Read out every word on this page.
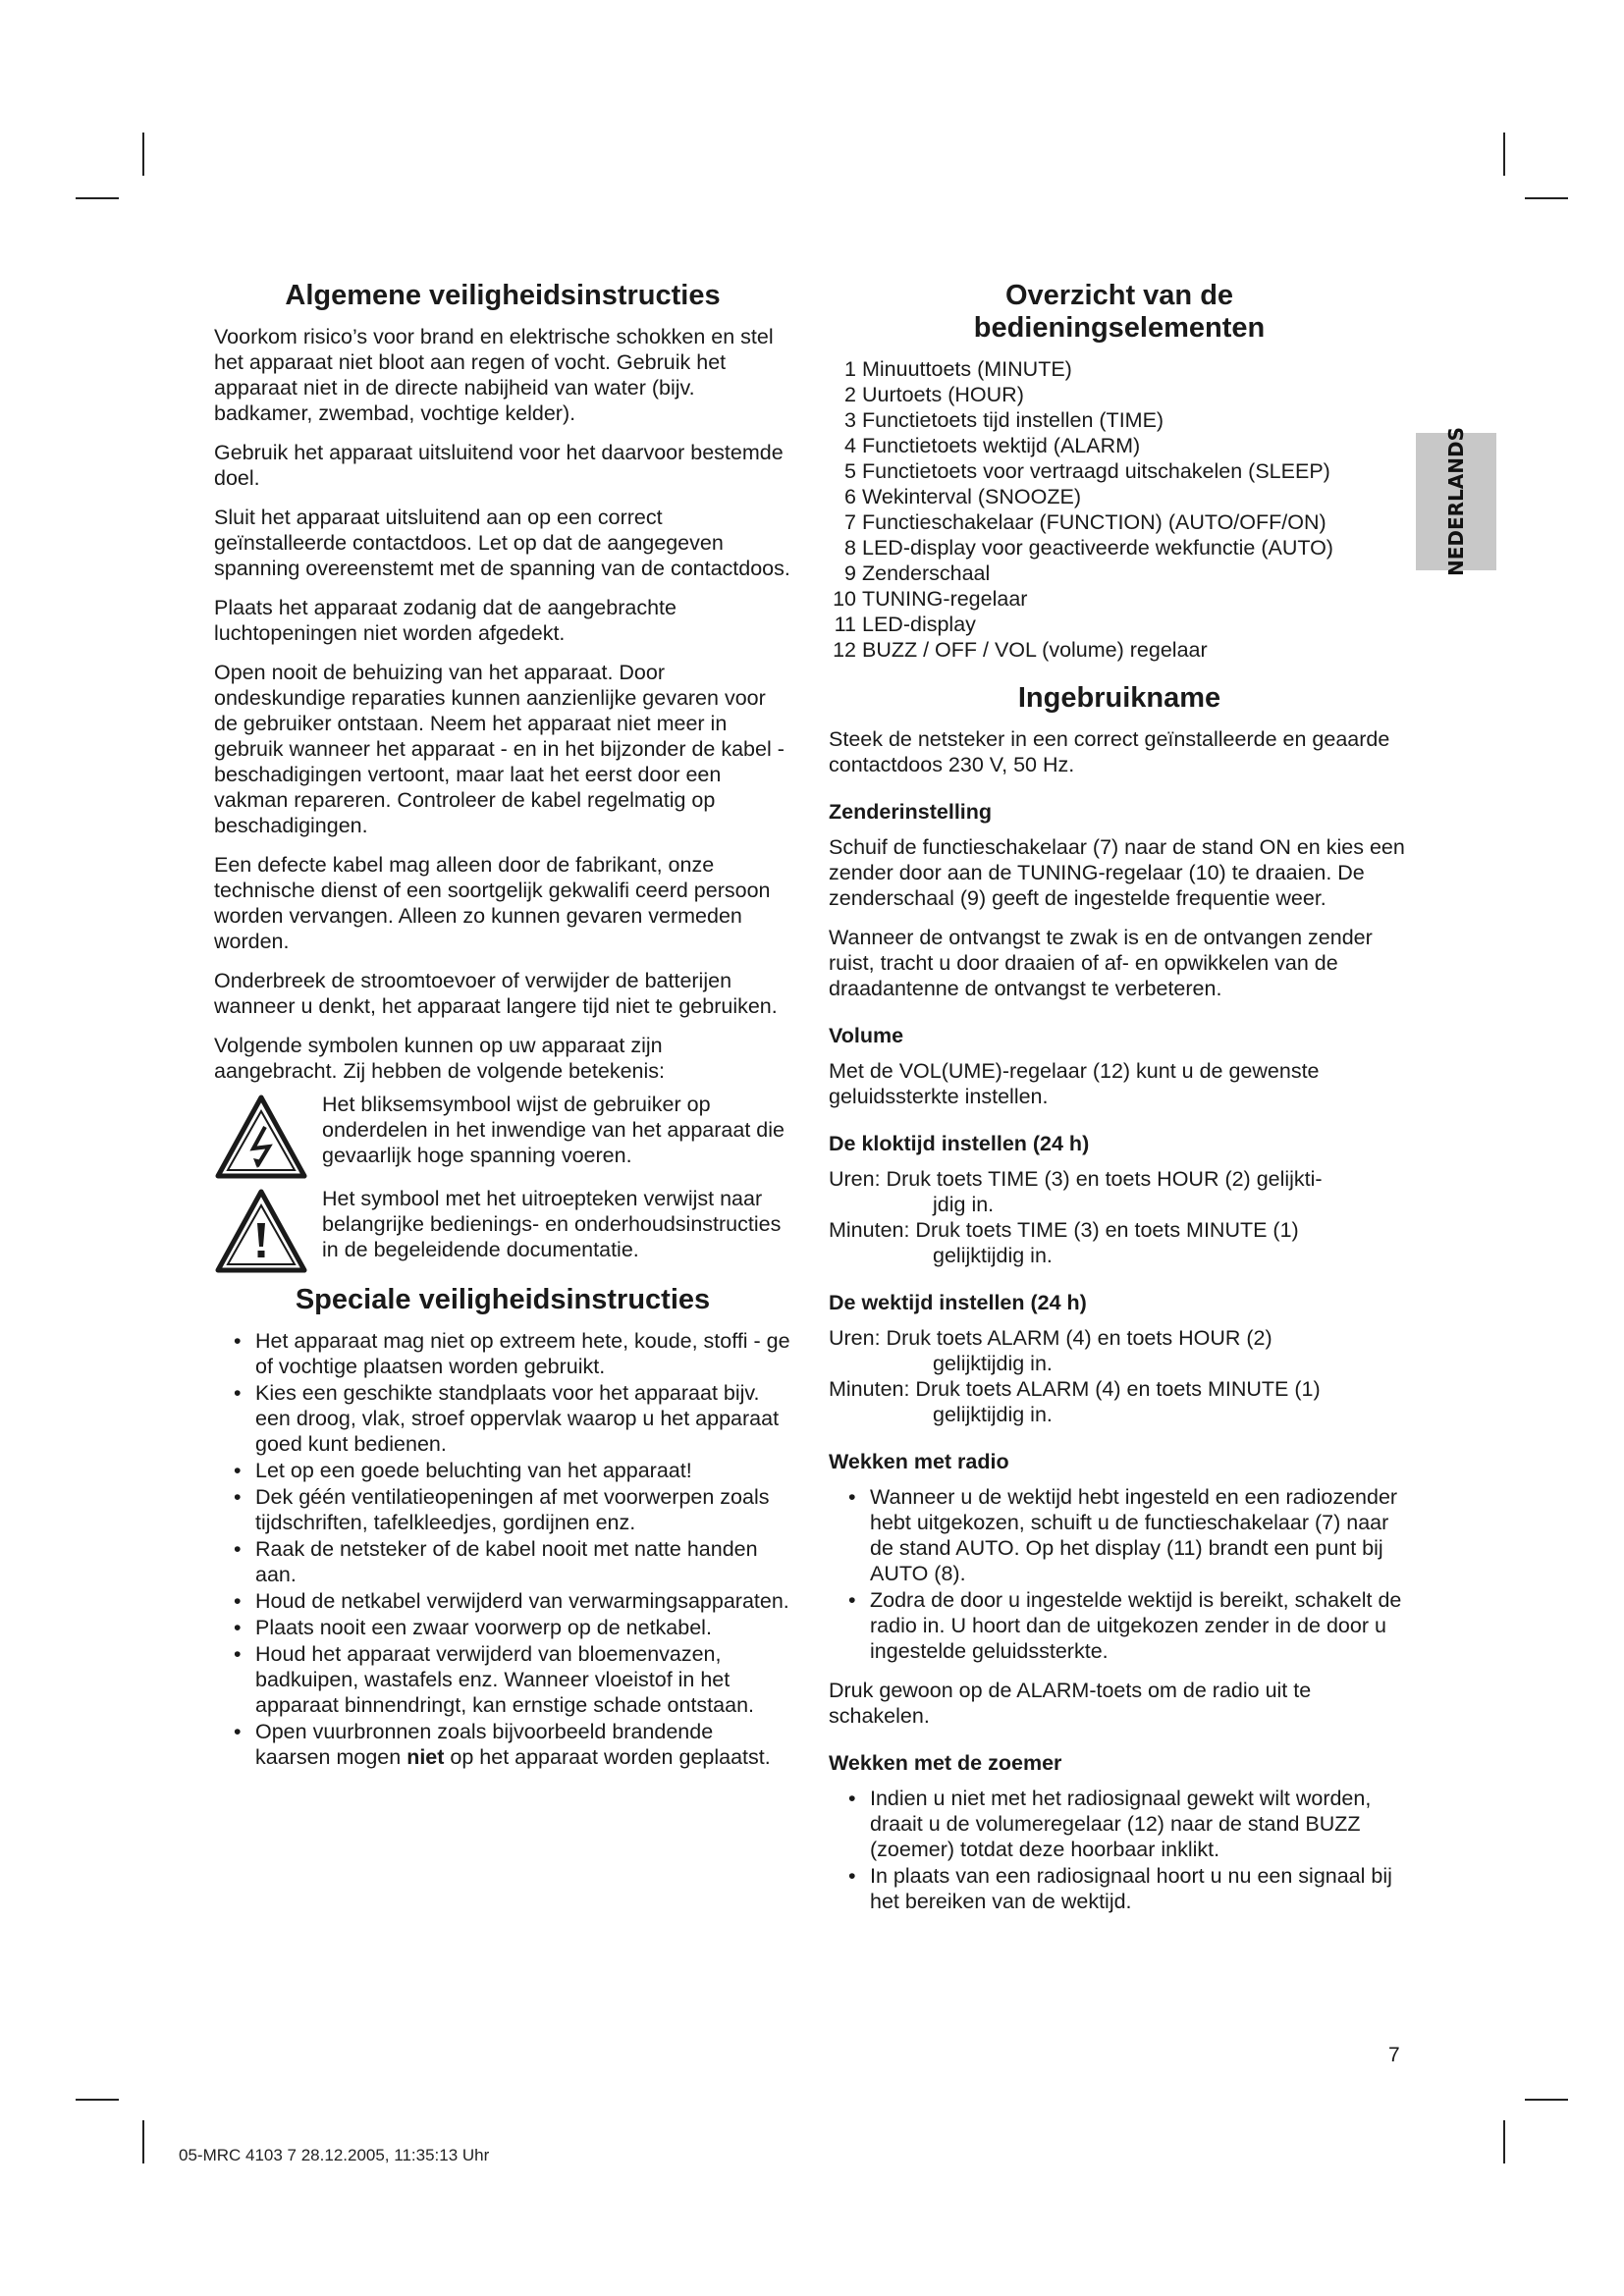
Algemene veiligheidsinstructies

Voorkom risico’s voor brand en elektrische schokken en stel het apparaat niet bloot aan regen of vocht. Gebruik het apparaat niet in de directe nabijheid van water (bijv. badkamer, zwembad, vochtige kelder).

Gebruik het apparaat uitsluitend voor het daarvoor bestemde doel.

Sluit het apparaat uitsluitend aan op een correct geïnstalleerde contactdoos. Let op dat de aangegeven spanning overeenstemt met de spanning van de contactdoos.

Plaats het apparaat zodanig dat de aangebrachte luchtopeningen niet worden afgedekt.

Open nooit de behuizing van het apparaat. Door ondeskundige reparaties kunnen aanzienlijke gevaren voor de gebruiker ontstaan. Neem het apparaat niet meer in gebruik wanneer het apparaat - en in het bijzonder de kabel - beschadigingen vertoont, maar laat het eerst door een vakman repareren. Controleer de kabel regelmatig op beschadigingen.

Een defecte kabel mag alleen door de fabrikant, onze technische dienst of een soortgelijk gekwalifi ceerd persoon worden vervangen. Alleen zo kunnen gevaren vermeden worden.

Onderbreek de stroomtoevoer of verwijder de batterijen wanneer u denkt, het apparaat langere tijd niet te gebruiken.

Volgende symbolen kunnen op uw apparaat zijn aangebracht. Zij hebben de volgende betekenis:

Het bliksemsymbool wijst de gebruiker op onderdelen in het inwendige van het apparaat die gevaarlijk hoge spanning voeren.
Het symbool met het uitroepteken verwijst naar belangrijke bedienings- en onderhoudsinstructies in de begeleidende documentatie.
Speciale veiligheidsinstructies
• Het apparaat mag niet op extreem hete, koude, stoffi - ge of vochtige plaatsen worden gebruikt.
• Kies een geschikte standplaats voor het apparaat bijv. een droog, vlak, stroef oppervlak waarop u het apparaat goed kunt bedienen.
• Let op een goede beluchting van het apparaat!
• Dek géén ventilatieopeningen af met voorwerpen zoals tijdschriften, tafelkleedjes, gordijnen enz.
• Raak de netsteker of de kabel nooit met natte handen aan.
• Houd de netkabel verwijderd van verwarmingsapparaten.
• Plaats nooit een zwaar voorwerp op de netkabel.
• Houd het apparaat verwijderd van bloemenvazen, badkuipen, wastafels enz. Wanneer vloeistof in het apparaat binnendringt, kan ernstige schade ontstaan.
• Open vuurbronnen zoals bijvoorbeeld brandende kaarsen mogen niet op het apparaat worden geplaatst.
Overzicht van de
bedieningselementen
1 Minuuttoets (MINUTE)
2 Uurtoets (HOUR)
3 Functietoets tijd instellen (TIME)
4 Functietoets wektijd (ALARM)
5 Functietoets voor vertraagd uitschakelen (SLEEP)
6 Wekinterval (SNOOZE)
7 Functieschakelaar (FUNCTION) (AUTO/OFF/ON)
8 LED-display voor geactiveerde wekfunctie (AUTO)
9 Zenderschaal
10 TUNING-regelaar
11 LED-display
12 BUZZ / OFF / VOL (volume) regelaar
Ingebruikname

Steek de netsteker in een correct geïnstalleerde en geaarde contactdoos 230 V, 50 Hz.

Zenderinstelling

Schuif de functieschakelaar (7) naar de stand ON en kies een zender door aan de TUNING-regelaar (10) te draaien. De zenderschaal (9) geeft de ingestelde frequentie weer.

Wanneer de ontvangst te zwak is en de ontvangen zender ruist, tracht u door draaien of af- en opwikkelen van de draadantenne de ontvangst te verbeteren.

Volume

Met de VOL(UME)-regelaar (12) kunt u de gewenste geluidssterkte instellen.

De kloktijd instellen (24 h)

Uren: Druk toets TIME (3) en toets HOUR (2) gelijkti-

jdig in.

Minuten: Druk toets TIME (3) en toets MINUTE (1)

gelijktijdig in.

De wektijd instellen (24 h)

Uren: Druk toets ALARM (4) en toets HOUR (2)

gelijktijdig in.

Minuten: Druk toets ALARM (4) en toets MINUTE (1)

gelijktijdig in.

Wekken met radio
• Wanneer u de wektijd hebt ingesteld en een radiozender hebt uitgekozen, schuift u de functieschakelaar (7) naar de stand AUTO. Op het display (11) brandt een punt bij AUTO (8).
• Zodra de door u ingestelde wektijd is bereikt, schakelt de radio in. U hoort dan de uitgekozen zender in de door u ingestelde geluidssterkte.

Druk gewoon op de ALARM-toets om de radio uit te schakelen.

Wekken met de zoemer
• Indien u niet met het radiosignaal gewekt wilt worden, draait u de volumeregelaar (12) naar de stand BUZZ (zoemer) totdat deze hoorbaar inklikt.
• In plaats van een radiosignaal hoort u nu een signaal bij het bereiken van de wektijd.
NEDERLANDS
7
05-MRC 4103 7 28.12.2005, 11:35:13 Uhr
